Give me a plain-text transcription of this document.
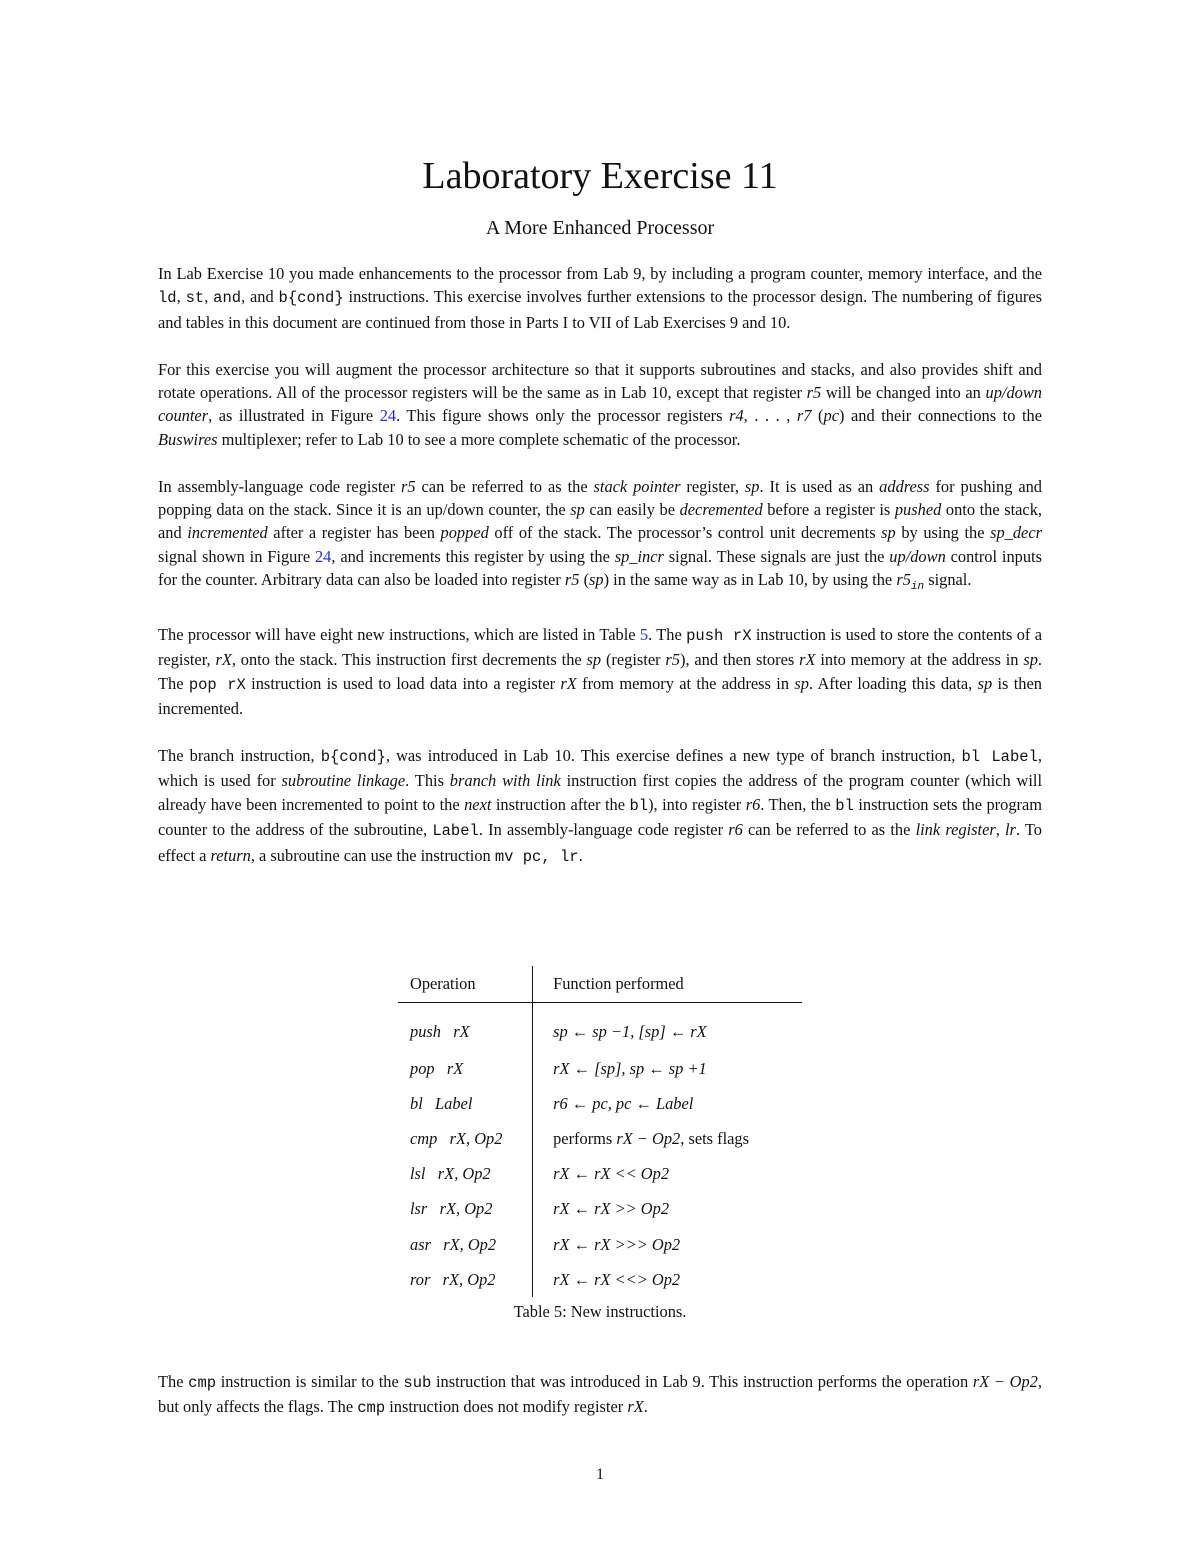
Laboratory Exercise 11
A More Enhanced Processor

In Lab Exercise 10 you made enhancements to the processor from Lab 9, by including a program counter, memory interface, and the ld, st, and, and b{cond} instructions. This exercise involves further extensions to the processor design. The numbering of figures and tables in this document are continued from those in Parts I to VII of Lab Exercises 9 and 10.

For this exercise you will augment the processor architecture so that it supports subroutines and stacks, and also provides shift and rotate operations. All of the processor registers will be the same as in Lab 10, except that register r5 will be changed into an up/down counter, as illustrated in Figure 24. This figure shows only the processor registers r4, . . . , r7 (pc) and their connections to the Buswires multiplexer; refer to Lab 10 to see a more complete schematic of the processor.

In assembly-language code register r5 can be referred to as the stack pointer register, sp. It is used as an address for pushing and popping data on the stack. Since it is an up/down counter, the sp can easily be decremented before a register is pushed onto the stack, and incremented after a register has been popped off of the stack. The processor’s control unit decrements sp by using the sp_decr signal shown in Figure 24, and increments this register by using the sp_incr signal. These signals are just the up/down control inputs for the counter. Arbitrary data can also be loaded into register r5 (sp) in the same way as in Lab 10, by using the $r5_{in}$ signal.

The processor will have eight new instructions, which are listed in Table 5. The push rX instruction is used to store the contents of a register, rX, onto the stack. This instruction first decrements the sp (register r5), and then stores rX into memory at the address in sp. The pop rX instruction is used to load data into a register rX from memory at the address in sp. After loading this data, sp is then incremented.

The branch instruction, b{cond}, was introduced in Lab 10. This exercise defines a new type of branch instruction, bl Label, which is used for subroutine linkage. This branch with link instruction first copies the address of the program counter (which will already have been incremented to point to the next instruction after the bl), into register r6. Then, the bl instruction sets the program counter to the address of the subroutine, Label. In assembly-language code register r6 can be referred to as the link register, lr. To effect a return, a subroutine can use the instruction mv pc, lr.

Operation	Function performed
push rX	sp ← sp −1, [sp] ← rX
pop rX	rX ← [sp], sp ← sp +1
bl Label	r6 ← pc, pc ← Label
cmp rX, Op2	performs rX − Op2, sets flags
lsl rX, Op2	rX ← rX << Op2
lsr rX, Op2	rX ← rX >> Op2
asr rX, Op2	rX ← rX >>> Op2
ror rX, Op2	rX ← rX <<> Op2
Table 5: New instructions.
The cmp instruction is similar to the sub instruction that was introduced in Lab 9. This instruction performs the operation rX − Op2, but only affects the flags. The cmp instruction does not modify register rX.
1
